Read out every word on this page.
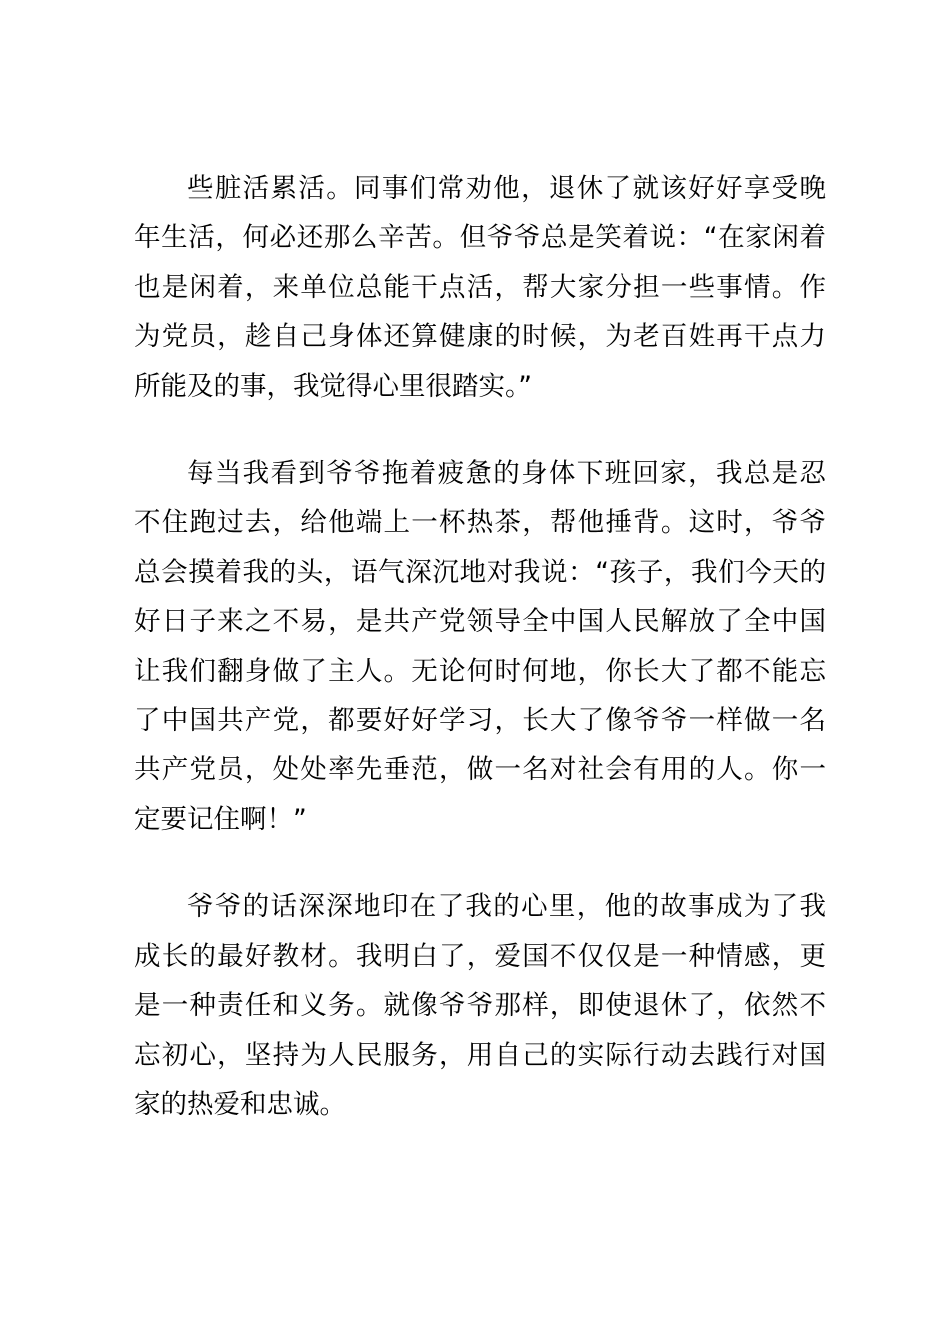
些脏活累活。同事们常劝他，退休了就该好好享受晚
年生活，何必还那么辛苦。但爷爷总是笑着说：“在家闲着
也是闲着，来单位总能干点活，帮大家分担一些事情。作
为党员，趁自己身体还算健康的时候，为老百姓再干点力
所能及的事，我觉得心里很踏实。”
每当我看到爷爷拖着疲惫的身体下班回家，我总是忍
不住跑过去，给他端上一杯热茶，帮他捶背。这时，爷爷
总会摸着我的头，语气深沉地对我说：“孩子，我们今天的
好日子来之不易，是共产党领导全中国人民解放了全中国
让我们翻身做了主人。无论何时何地，你长大了都不能忘
了中国共产党，都要好好学习，长大了像爷爷一样做一名
共产党员，处处率先垂范，做一名对社会有用的人。你一
定要记住啊！”
爷爷的话深深地印在了我的心里，他的故事成为了我
成长的最好教材。我明白了，爱国不仅仅是一种情感，更
是一种责任和义务。就像爷爷那样，即使退休了，依然不
忘初心，坚持为人民服务，用自己的实际行动去践行对国
家的热爱和忠诚。
